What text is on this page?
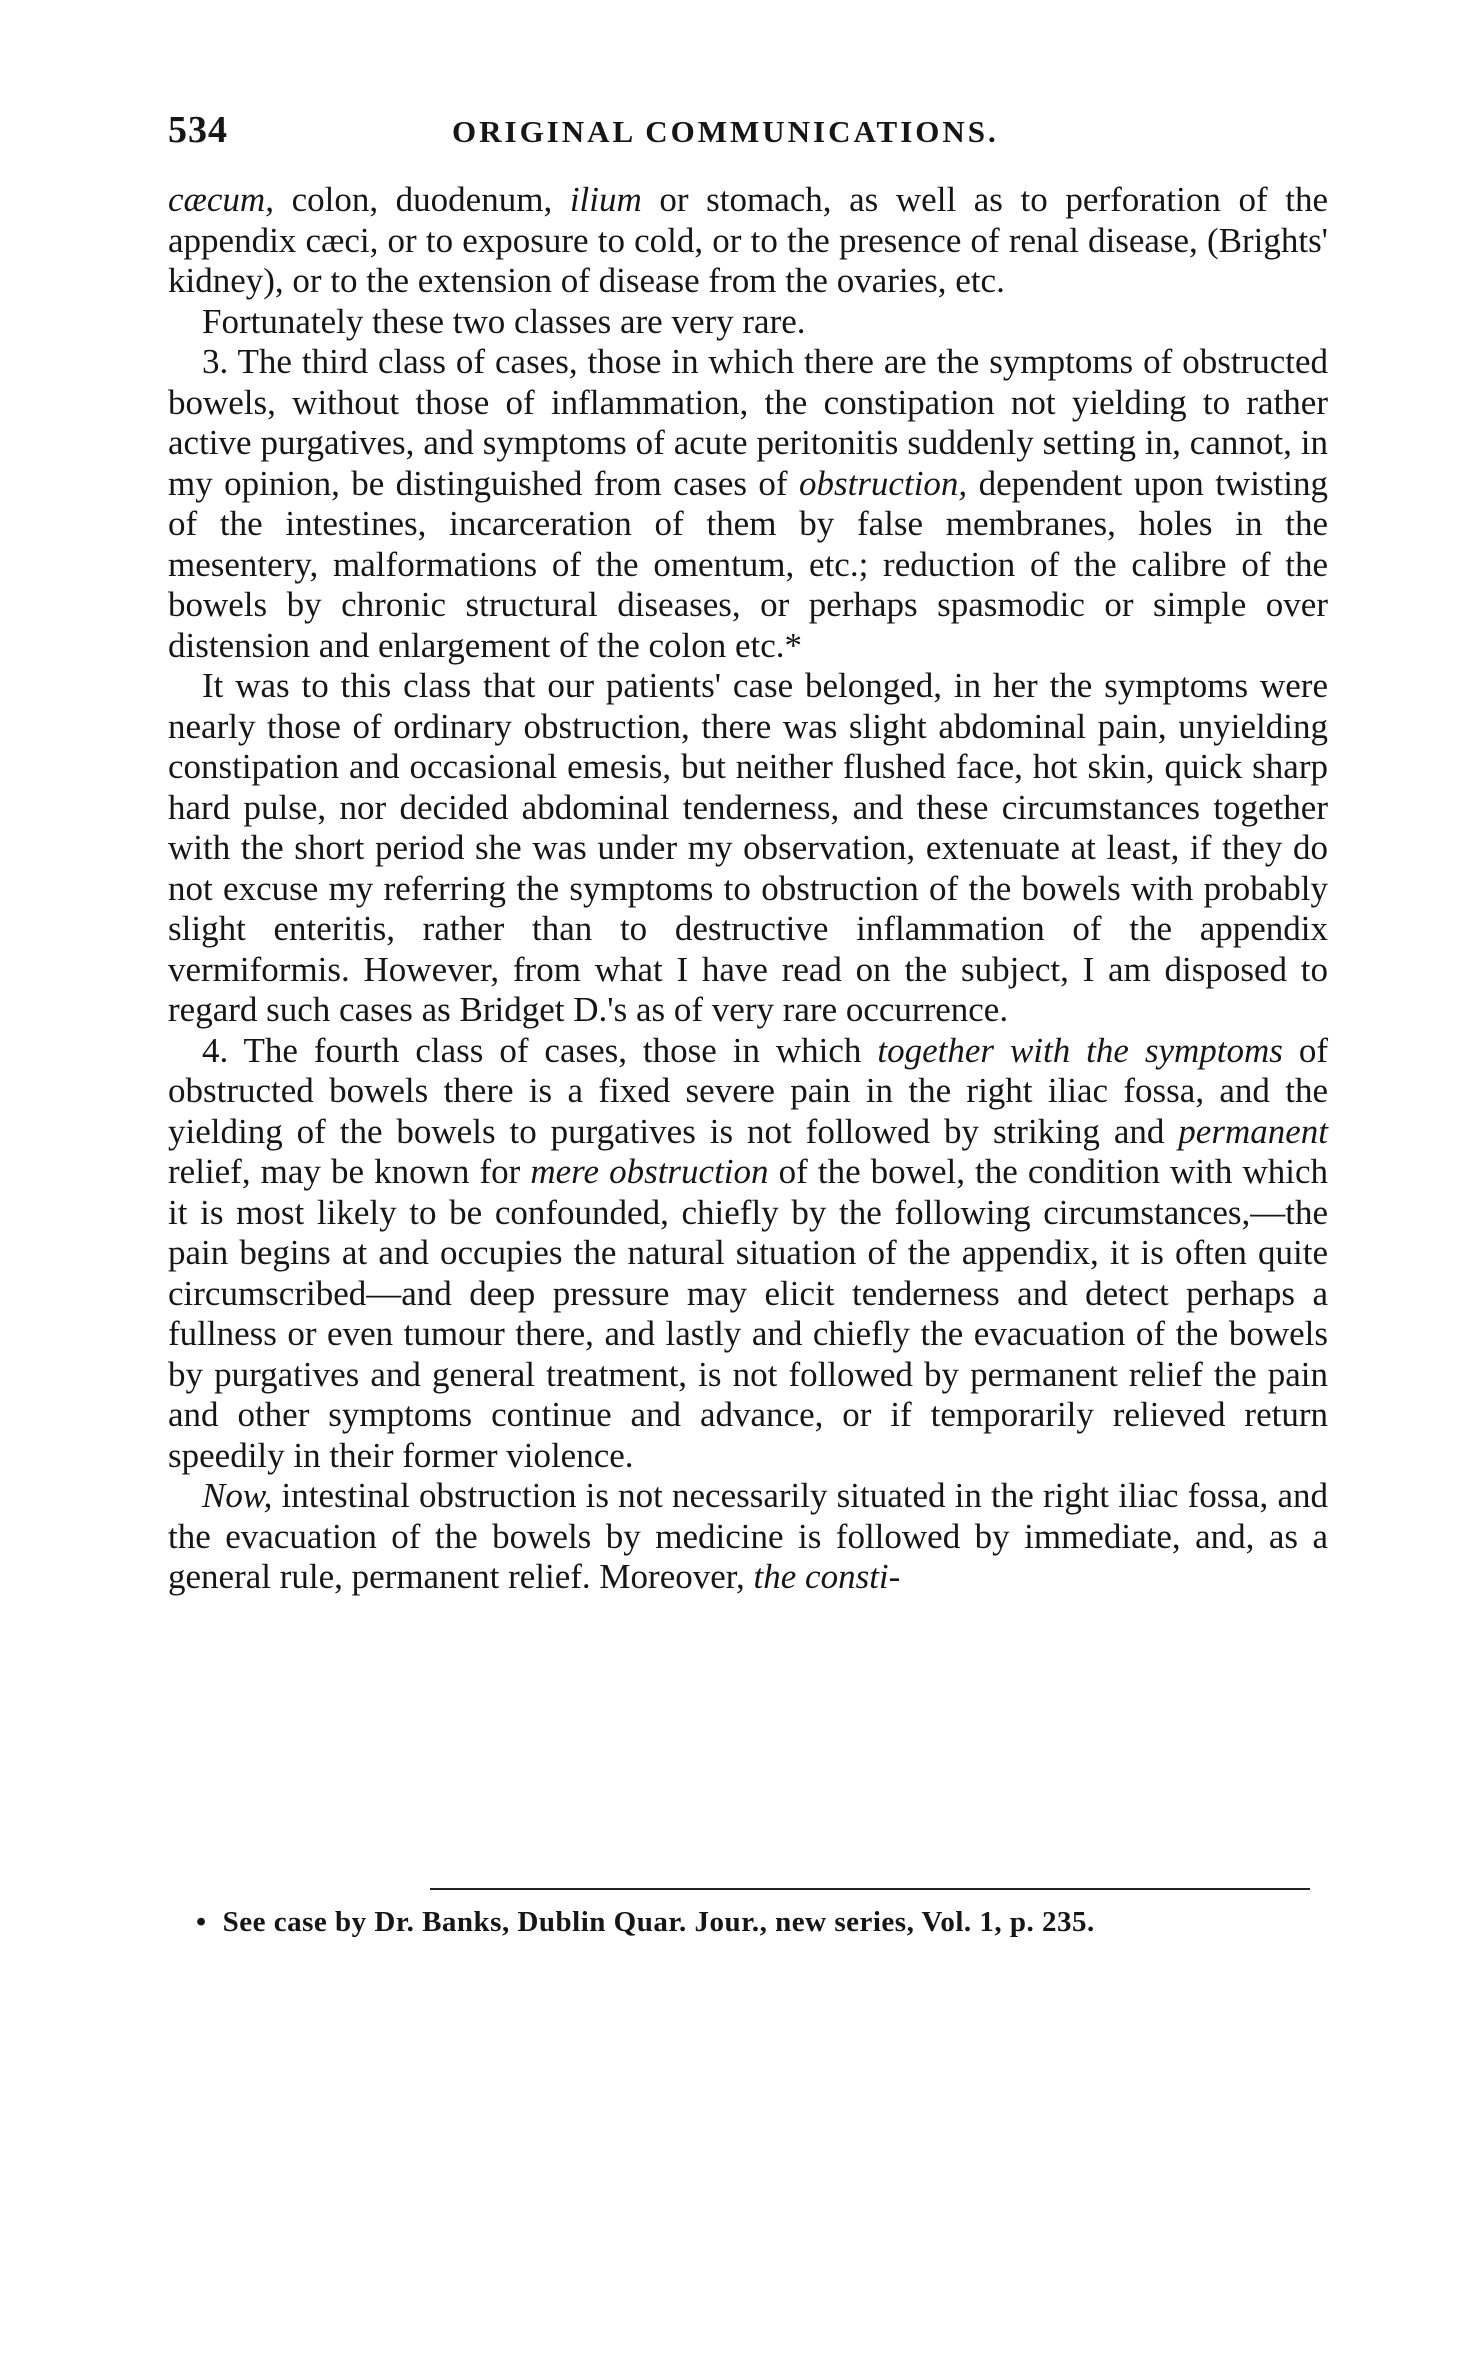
534	ORIGINAL COMMUNICATIONS.

cæcum, colon, duodenum, ilium or stomach, as well as to perforation of the appendix cæci, or to exposure to cold, or to the presence of renal disease, (Brights' kidney), or to the extension of disease from the ovaries, etc.

Fortunately these two classes are very rare.

3. The third class of cases, those in which there are the symptoms of obstructed bowels, without those of inflammation, the constipation not yielding to rather active purgatives, and symptoms of acute peritonitis suddenly setting in, cannot, in my opinion, be distinguished from cases of obstruction, dependent upon twisting of the intestines, incarceration of them by false membranes, holes in the mesentery, malformations of the omentum, etc.; reduction of the calibre of the bowels by chronic structural diseases, or perhaps spasmodic or simple over distension and enlargement of the colon etc.*

It was to this class that our patients' case belonged, in her the symptoms were nearly those of ordinary obstruction, there was slight abdominal pain, unyielding constipation and occasional emesis, but neither flushed face, hot skin, quick sharp hard pulse, nor decided abdominal tenderness, and these circumstances together with the short period she was under my observation, extenuate at least, if they do not excuse my referring the symptoms to obstruction of the bowels with probably slight enteritis, rather than to destructive inflammation of the appendix vermiformis. However, from what I have read on the subject, I am disposed to regard such cases as Bridget D.'s as of very rare occurrence.

4. The fourth class of cases, those in which together with the symptoms of obstructed bowels there is a fixed severe pain in the right iliac fossa, and the yielding of the bowels to purgatives is not followed by striking and permanent relief, may be known for mere obstruction of the bowel, the condition with which it is most likely to be confounded, chiefly by the following circumstances,—the pain begins at and occupies the natural situation of the appendix, it is often quite circumscribed—and deep pressure may elicit tenderness and detect perhaps a fullness or even tumour there, and lastly and chiefly the evacuation of the bowels by purgatives and general treatment, is not followed by permanent relief the pain and other symptoms continue and advance, or if temporarily relieved return speedily in their former violence.

Now, intestinal obstruction is not necessarily situated in the right iliac fossa, and the evacuation of the bowels by medicine is followed by immediate, and, as a general rule, permanent relief. Moreover, the consti-

• See case by Dr. Banks, Dublin Quar. Jour., new series, Vol. 1, p. 235.
